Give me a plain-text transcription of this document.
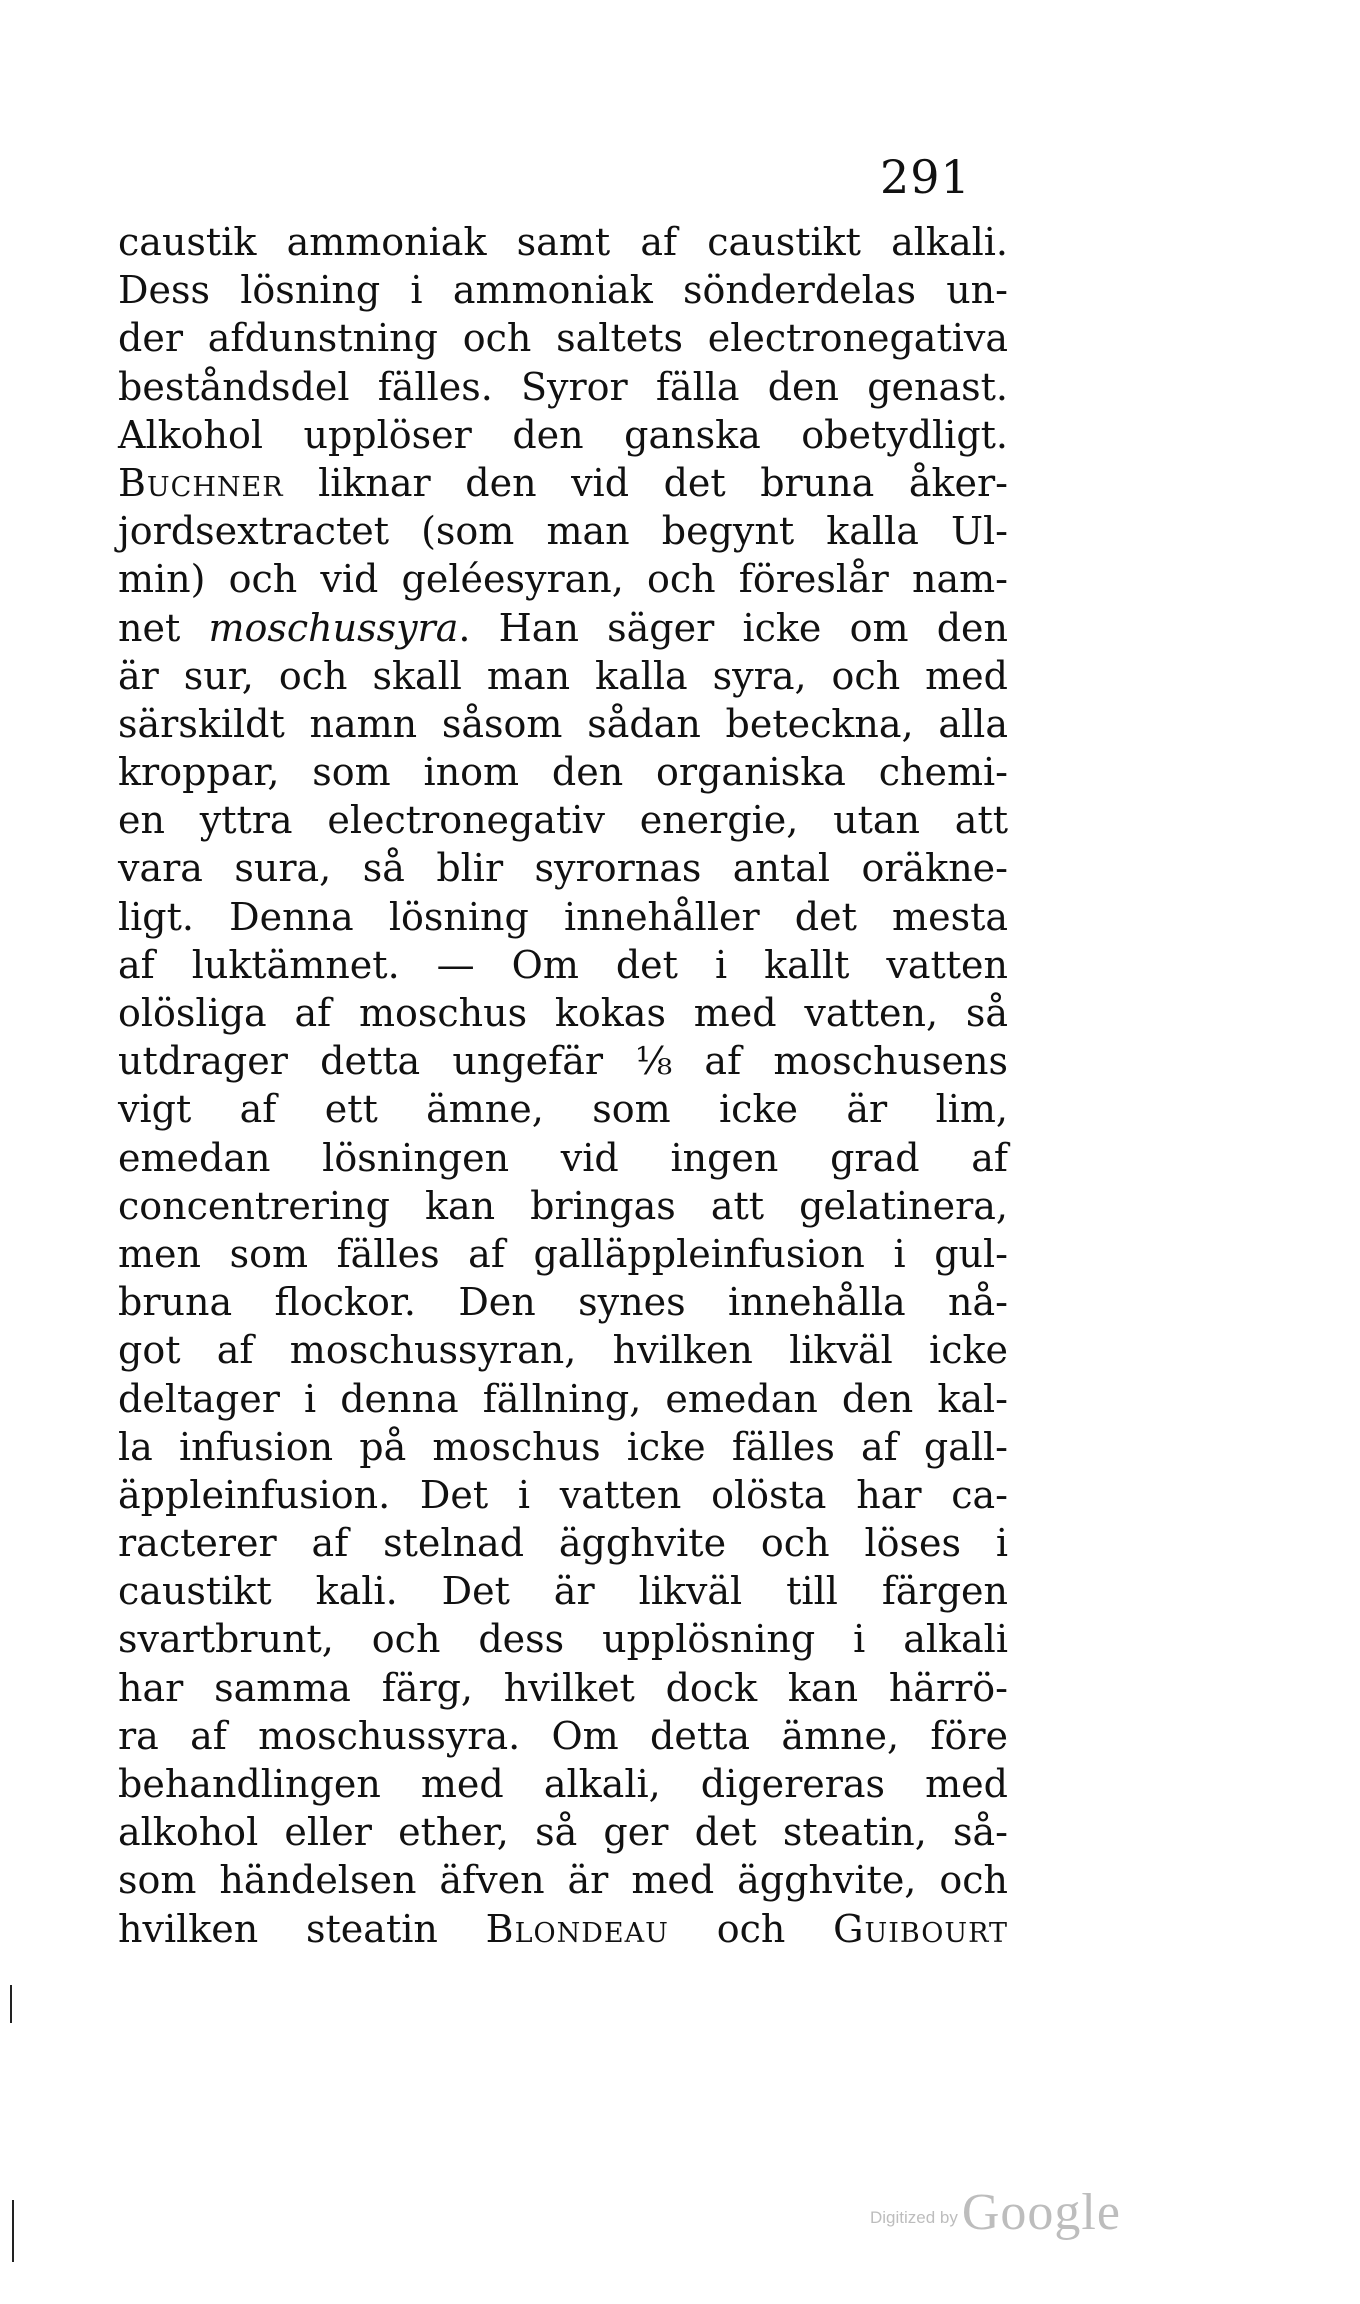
291
caustik ammoniak samt af caustikt alkali.
Dess lösning i ammoniak sönderdelas un-
der afdunstning och saltets electronegativa
beståndsdel fälles. Syror fälla den genast.
Alkohol upplöser den ganska obetydligt.
Buchner liknar den vid det bruna åker-
jordsextractet (som man begynt kalla Ul-
min) och vid geléesyran, och föreslår nam-
net moschussyra. Han säger icke om den
är sur, och skall man kalla syra, och med
särskildt namn såsom sådan beteckna, alla
kroppar, som inom den organiska chemi-
en yttra electronegativ energie, utan att
vara sura, så blir syrornas antal oräkne-
ligt. Denna lösning innehåller det mesta
af luktämnet. — Om det i kallt vatten
olösliga af moschus kokas med vatten, så
utdrager detta ungefär ⅛ af moschusens
vigt af ett ämne, som icke är lim,
emedan lösningen vid ingen grad af
concentrering kan bringas att gelatinera,
men som fälles af galläppleinfusion i gul-
bruna flockor. Den synes innehålla nå-
got af moschussyran, hvilken likväl icke
deltager i denna fällning, emedan den kal-
la infusion på moschus icke fälles af gall-
äppleinfusion. Det i vatten olösta har ca-
racterer af stelnad ägghvite och löses i
caustikt kali. Det är likväl till färgen
svartbrunt, och dess upplösning i alkali
har samma färg, hvilket dock kan härrö-
ra af moschussyra. Om detta ämne, före
behandlingen med alkali, digereras med
alkohol eller ether, så ger det steatin, så-
som händelsen äfven är med ägghvite, och
hvilken steatin Blondeau och Guibourt
Digitized byGoogle
